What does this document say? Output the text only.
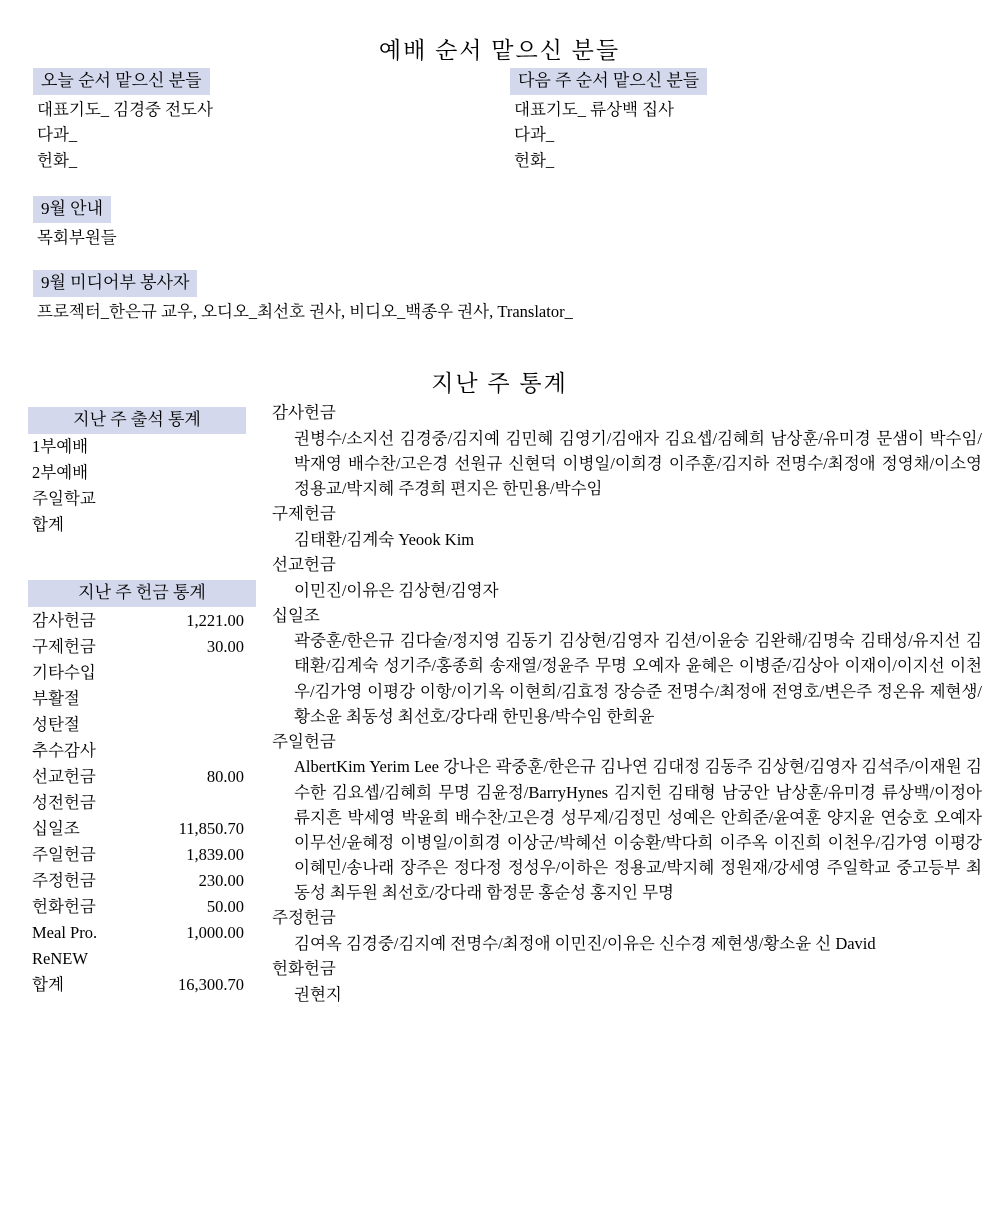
예배 순서 맡으신 분들
오늘 순서 맡으신 분들
대표기도_ 김경중 전도사
다과_
헌화_
다음 주 순서 맡으신 분들
대표기도_ 류상백 집사
다과_
헌화_
9월 안내
목회부원들
9월 미디어부 봉사자
프로젝터_한은규 교우, 오디오_최선호 권사, 비디오_백종우 권사, Translator_
지난 주 통계
지난 주 출석 통계
1부예배
2부예배
주일학교
합계
지난 주 헌금 통계
감사헌금	1,221.00
구제헌금	30.00
기타수입	
부활절	
성탄절	
추수감사	
선교헌금	80.00
성전헌금	
십일조	11,850.70
주일헌금	1,839.00
주정헌금	230.00
헌화헌금	50.00
Meal Pro.	1,000.00
ReNEW	
합계	16,300.70
감사헌금
권병수/소지선 김경중/김지예 김민혜 김영기/김애자 김요셉/김혜희 남상훈/유미경 문샘이 박수임/박재영 배수찬/고은경 선원규 신현덕 이병일/이희경 이주훈/김지하 전명수/최정애 정영채/이소영 정용교/박지혜 주경희 편지은 한민용/박수임
구제헌금
김태환/김계숙 Yeook Kim
선교헌금
이민진/이유은 김상현/김영자
십일조
곽중훈/한은규 김다술/정지영 김동기 김상현/김영자 김션/이윤숭 김완해/김명숙 김태성/유지선 김태환/김계숙 성기주/홍종희 송재열/정윤주 무명 오예자 윤혜은 이병준/김상아 이재이/이지선 이천우/김가영 이평강 이항/이기옥 이현희/김효정 장승준 전명수/최정애 전영호/변은주 정온유 제현생/황소윤 최동성 최선호/강다래 한민용/박수임 한희윤
주일헌금
AlbertKim Yerim Lee 강나은 곽중훈/한은규 김나연 김대정 김동주 김상현/김영자 김석주/이재원 김수한 김요셉/김혜희 무명 김윤정/BarryHynes 김지헌 김태형 남궁안 남상훈/유미경 류상백/이정아 류지흔 박세영 박윤희 배수찬/고은경 성무제/김정민 성예은 안희준/윤여훈 양지윤 연숭호 오예자 이무선/윤혜정 이병일/이희경 이상군/박혜선 이숭환/박다희 이주옥 이진희 이천우/김가영 이평강 이혜민/송나래 장주은 정다정 정성우/이하은 정용교/박지혜 정원재/강세영 주일학교 중고등부 최동성 최두원 최선호/강다래 함정문 홍순성 홍지인 무명
주정헌금
김여옥 김경중/김지예 전명수/최정애 이민진/이유은 신수경 제현생/황소윤 신 David
헌화헌금
권현지
